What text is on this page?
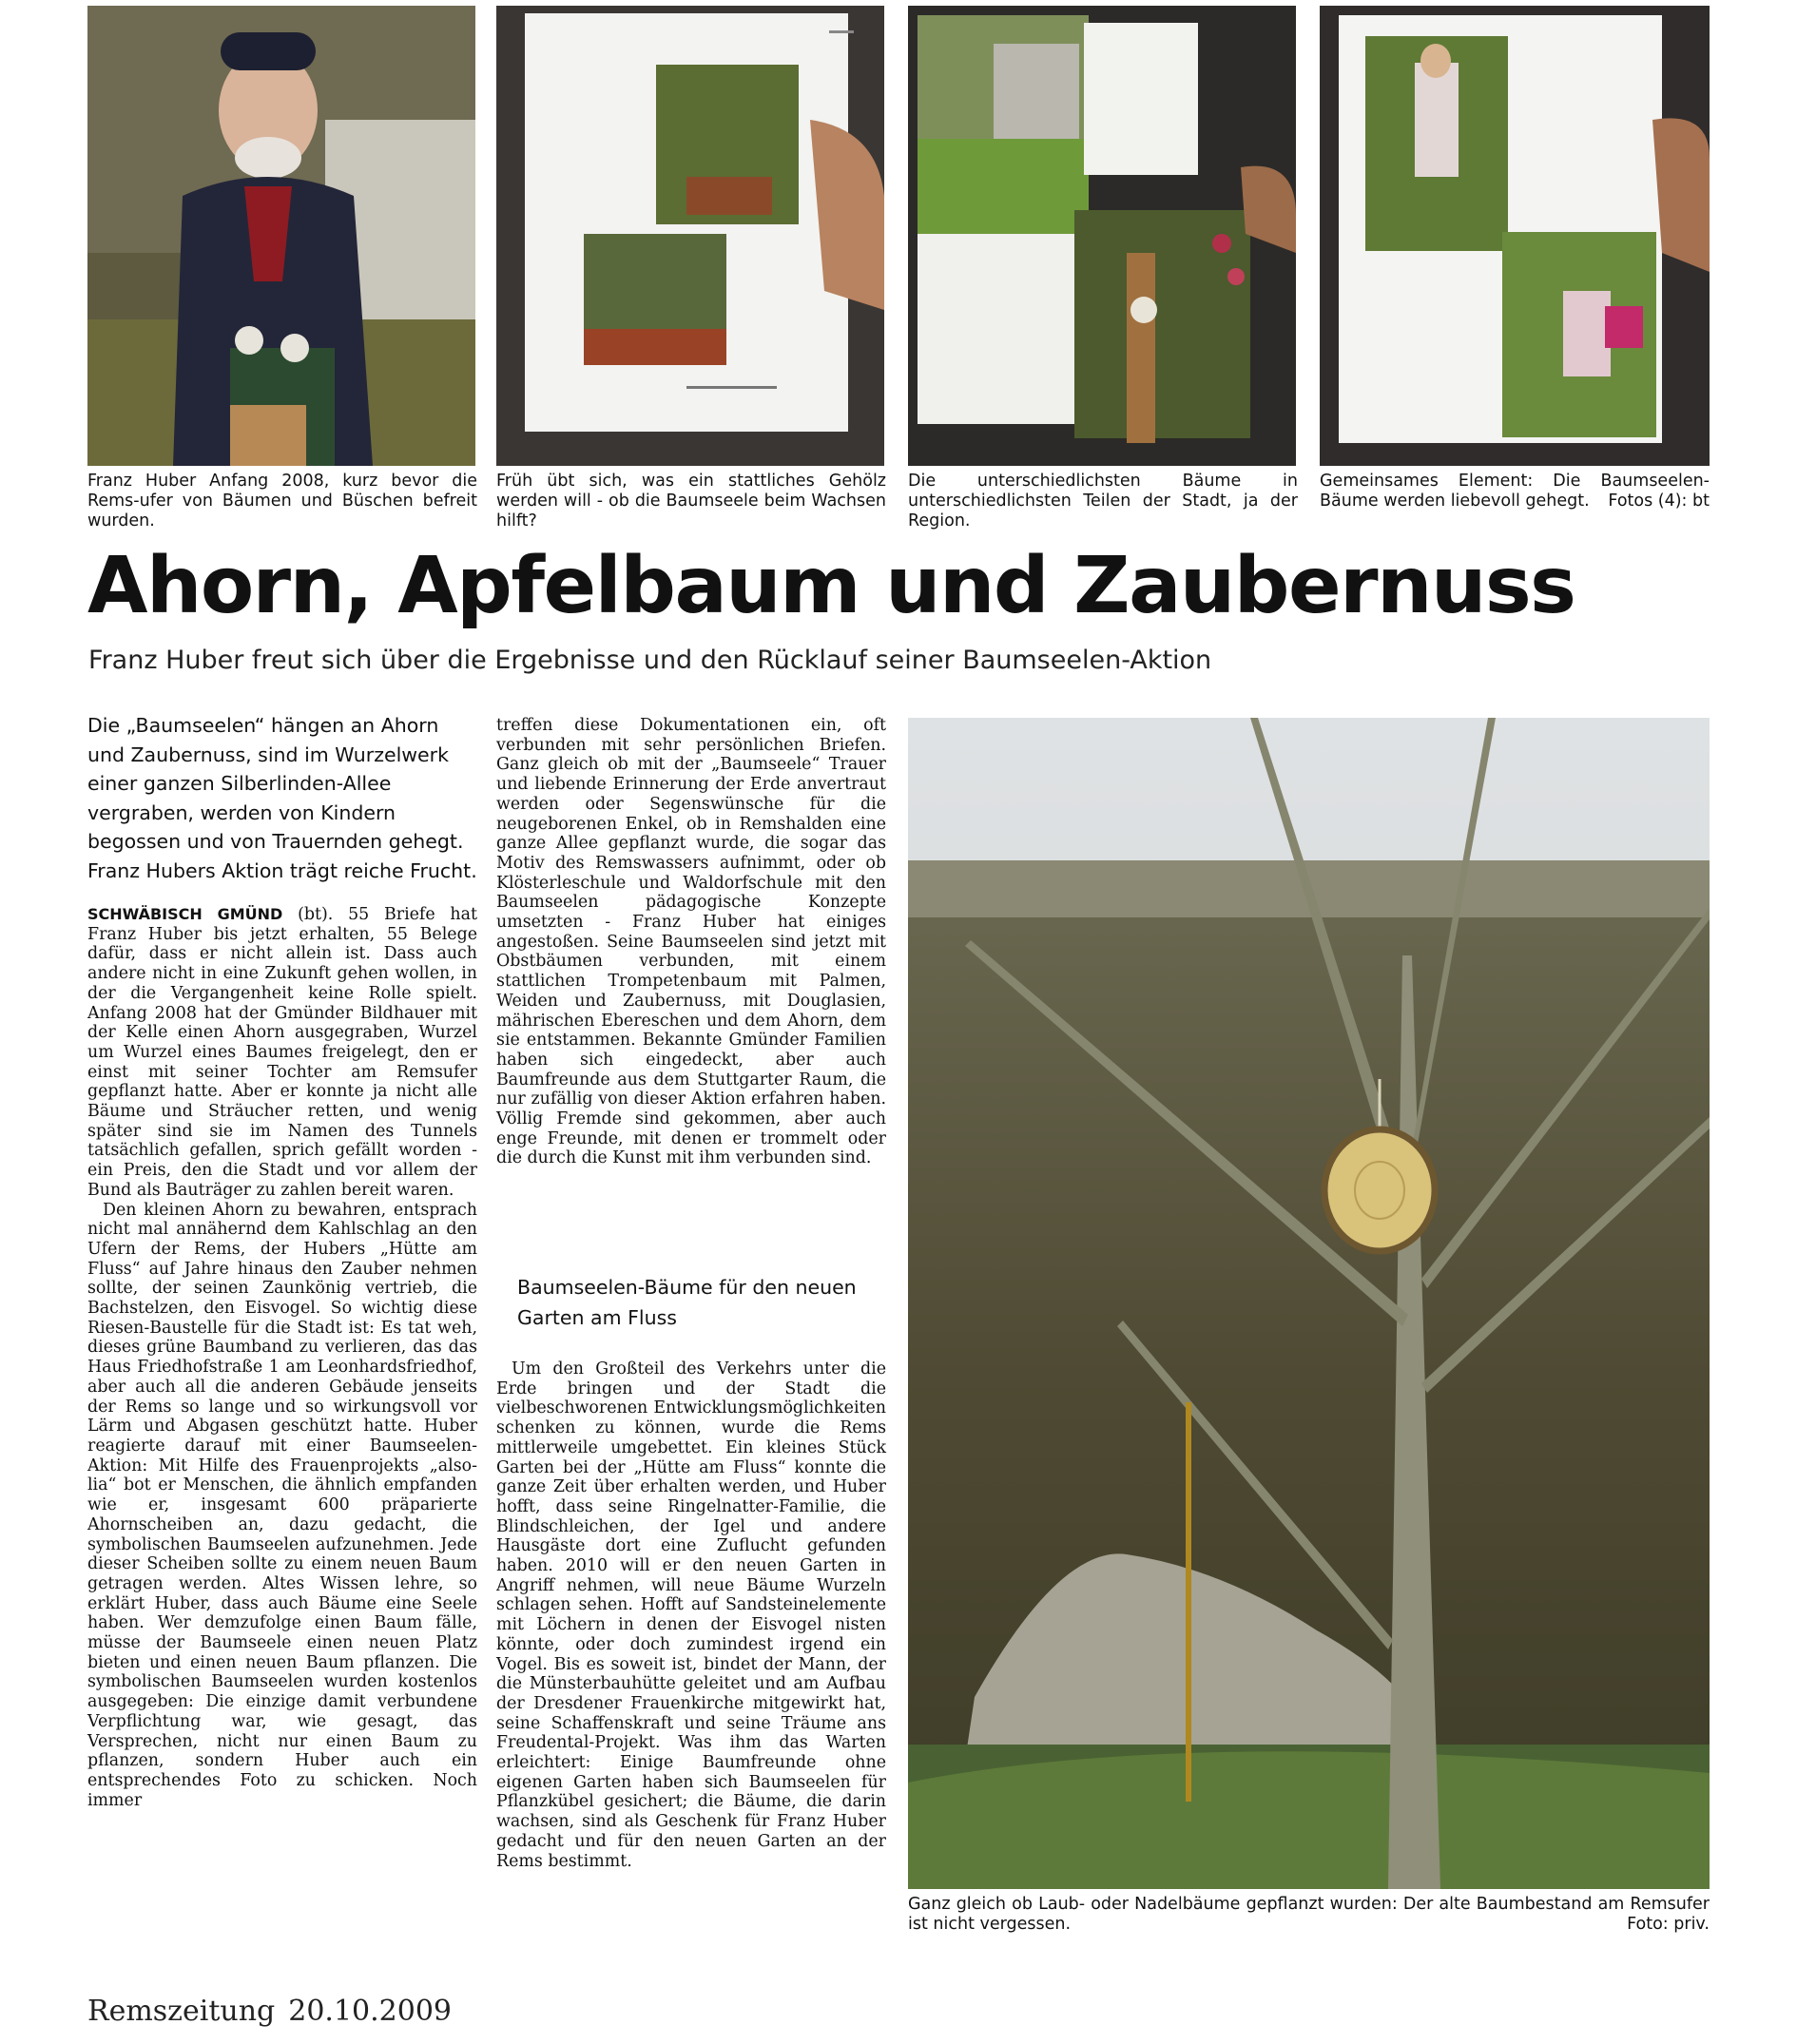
Franz Huber Anfang 2008, kurz bevor die Rems-ufer von Bäumen und Büschen befreit wurden.
Früh übt sich, was ein stattliches Gehölz werden will - ob die Baumseele beim Wachsen hilft?
Die unterschiedlichsten Bäume in unterschiedlichsten Teilen der Stadt, ja der Region.
Gemeinsames Element: Die Baumseelen-Bäume werden liebevoll gehegt. Fotos (4): bt
Ahorn, Apfelbaum und Zaubernuss
Franz Huber freut sich über die Ergebnisse und den Rücklauf seiner Baumseelen-Aktion
Die „Baumseelen“ hängen an Ahorn und Zaubernuss, sind im Wurzelwerk einer ganzen Silberlinden-Allee vergraben, werden von Kindern begossen und von Trauernden gehegt. Franz Hubers Aktion trägt reiche Frucht.

SCHWÄBISCH GMÜND (bt). 55 Briefe hat Franz Huber bis jetzt erhalten, 55 Belege dafür, dass er nicht allein ist. Dass auch andere nicht in eine Zukunft gehen wollen, in der die Vergangenheit keine Rolle spielt. Anfang 2008 hat der Gmünder Bildhauer mit der Kelle einen Ahorn ausgegraben, Wurzel um Wurzel eines Baumes freigelegt, den er einst mit seiner Tochter am Remsufer gepflanzt hatte. Aber er konnte ja nicht alle Bäume und Sträucher retten, und wenig später sind sie im Namen des Tunnels tatsächlich gefallen, sprich gefällt worden - ein Preis, den die Stadt und vor allem der Bund als Bauträger zu zahlen bereit waren.

Den kleinen Ahorn zu bewahren, entsprach nicht mal annähernd dem Kahlschlag an den Ufern der Rems, der Hubers „Hütte am Fluss“ auf Jahre hinaus den Zauber nehmen sollte, der seinen Zaunkönig vertrieb, die Bachstelzen, den Eisvogel. So wichtig diese Riesen-Baustelle für die Stadt ist: Es tat weh, dieses grüne Baumband zu verlieren, das das Haus Friedhofstraße 1 am Leonhardsfriedhof, aber auch all die anderen Gebäude jenseits der Rems so lange und so wirkungsvoll vor Lärm und Abgasen geschützt hatte. Huber reagierte darauf mit einer Baumseelen-Aktion: Mit Hilfe des Frauenprojekts „also-lia“ bot er Menschen, die ähnlich empfanden wie er, insgesamt 600 präparierte Ahornscheiben an, dazu gedacht, die symbolischen Baumseelen aufzunehmen. Jede dieser Scheiben sollte zu einem neuen Baum getragen werden. Altes Wissen lehre, so erklärt Huber, dass auch Bäume eine Seele haben. Wer demzufolge einen Baum fälle, müsse der Baumseele einen neuen Platz bieten und einen neuen Baum pflanzen. Die symbolischen Baumseelen wurden kostenlos ausgegeben: Die einzige damit verbundene Verpflichtung war, wie gesagt, das Versprechen, nicht nur einen Baum zu pflanzen, sondern Huber auch ein entsprechendes Foto zu schicken. Noch immer

treffen diese Dokumentationen ein, oft verbunden mit sehr persönlichen Briefen. Ganz gleich ob mit der „Baumseele“ Trauer und liebende Erinnerung der Erde anvertraut werden oder Segenswünsche für die neugeborenen Enkel, ob in Remshalden eine ganze Allee gepflanzt wurde, die sogar das Motiv des Remswassers aufnimmt, oder ob Klösterleschule und Waldorfschule mit den Baumseelen pädagogische Konzepte umsetzten - Franz Huber hat einiges angestoßen. Seine Baumseelen sind jetzt mit Obstbäumen verbunden, mit einem stattlichen Trompetenbaum mit Palmen, Weiden und Zaubernuss, mit Douglasien, mährischen Ebereschen und dem Ahorn, dem sie entstammen. Bekannte Gmünder Familien haben sich eingedeckt, aber auch Baumfreunde aus dem Stuttgarter Raum, die nur zufällig von dieser Aktion erfahren haben. Völlig Fremde sind gekommen, aber auch enge Freunde, mit denen er trommelt oder die durch die Kunst mit ihm verbunden sind.

Baumseelen-Bäume für den neuen Garten am Fluss

Um den Großteil des Verkehrs unter die Erde bringen und der Stadt die vielbeschworenen Entwicklungsmöglichkeiten schenken zu können, wurde die Rems mittlerweile umgebettet. Ein kleines Stück Garten bei der „Hütte am Fluss“ konnte die ganze Zeit über erhalten werden, und Huber hofft, dass seine Ringelnatter-Familie, die Blindschleichen, der Igel und andere Hausgäste dort eine Zuflucht gefunden haben. 2010 will er den neuen Garten in Angriff nehmen, will neue Bäume Wurzeln schlagen sehen. Hofft auf Sandsteinelemente mit Löchern in denen der Eisvogel nisten könnte, oder doch zumindest irgend ein Vogel. Bis es soweit ist, bindet der Mann, der die Münsterbauhütte geleitet und am Aufbau der Dresdener Frauenkirche mitgewirkt hat, seine Schaffenskraft und seine Träume ans Freudental-Projekt. Was ihm das Warten erleichtert: Einige Baumfreunde ohne eigenen Garten haben sich Baumseelen für Pflanzkübel gesichert; die Bäume, die darin wachsen, sind als Geschenk für Franz Huber gedacht und für den neuen Garten an der Rems bestimmt.

Ganz gleich ob Laub- oder Nadelbäume gepflanzt wurden: Der alte Baumbestand am Remsufer ist nicht vergessen.	Foto: priv.
Remszeitung 20.10.2009
